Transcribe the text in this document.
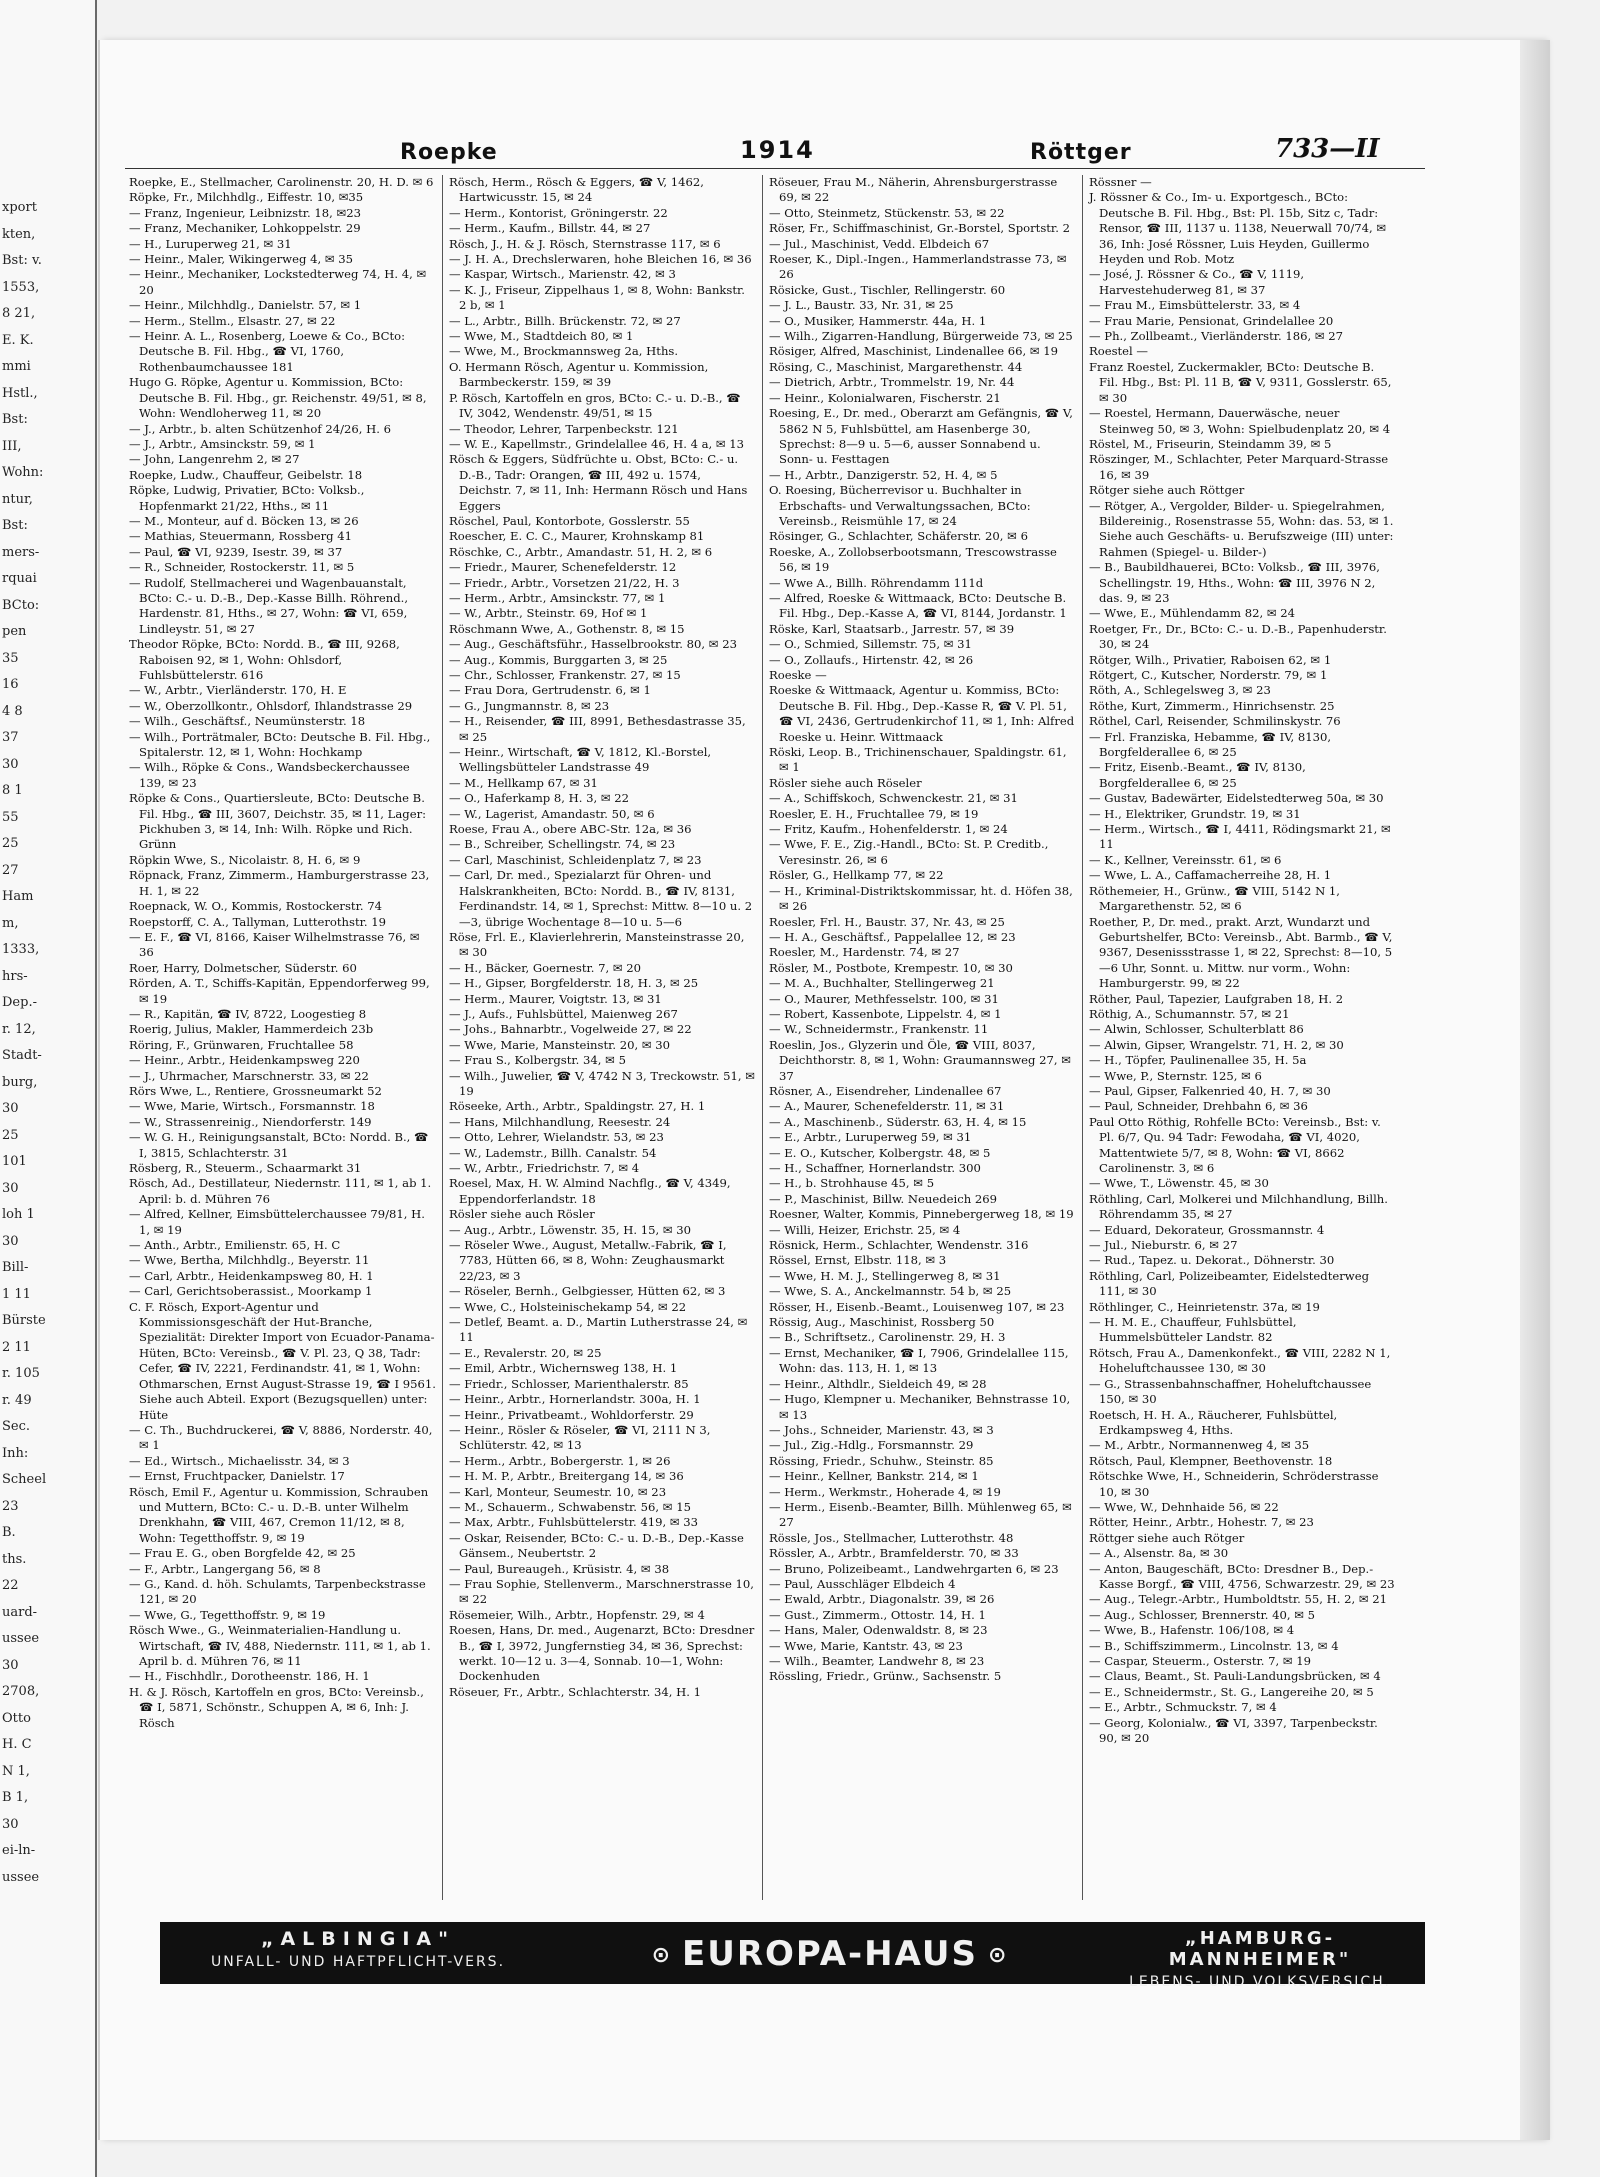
xport
kten,
Bst: v.
1553,
8 21,
E. K.
mmi
Hstl.,
Bst:
III,
Wohn:
ntur,
Bst:
mers-
rquai
BCto:
pen
35
16
4 8
37
30
8 1
55
25
27
Ham
m,
1333,
hrs-
Dep.-
r. 12,
Stadt-
burg,
30
25
101
30
loh 1
30
Bill-
1 11
Bürste
2 11
r. 105
r. 49
Sec.
Inh:
Scheel
23
B.
ths.
22
uard-
ussee
30
2708,
Otto
H. C
N 1,
B 1,
30
ei-ln-
ussee
Roepke	1914	Röttger	733—II

Roepke, E., Stellmacher, Carolinenstr. 20, H. D. ✉ 6

Röpke, Fr., Milchhdlg., Eiffestr. 10, ✉35

— Franz, Ingenieur, Leibnizstr. 18, ✉23

— Franz, Mechaniker, Lohkoppelstr. 29

— H., Luruperweg 21, ✉ 31

— Heinr., Maler, Wikingerweg 4, ✉ 35

— Heinr., Mechaniker, Lockstedterweg 74, H. 4, ✉ 20

— Heinr., Milchhdlg., Danielstr. 57, ✉ 1

— Herm., Stellm., Elsastr. 27, ✉ 22

— Heinr. A. L., Rosenberg, Loewe & Co., BCto: Deutsche B. Fil. Hbg., ☎ VI, 1760, Rothenbaumchaussee 181

Hugo G. Röpke, Agentur u. Kommission, BCto: Deutsche B. Fil. Hbg., gr. Reichenstr. 49/51, ✉ 8, Wohn: Wendloherweg 11, ✉ 20

— J., Arbtr., b. alten Schützenhof 24/26, H. 6

— J., Arbtr., Amsinckstr. 59, ✉ 1

— John, Langenrehm 2, ✉ 27

Roepke, Ludw., Chauffeur, Geibelstr. 18

Röpke, Ludwig, Privatier, BCto: Volksb., Hopfenmarkt 21/22, Hths., ✉ 11

— M., Monteur, auf d. Böcken 13, ✉ 26

— Mathias, Steuermann, Rossberg 41

— Paul, ☎ VI, 9239, Isestr. 39, ✉ 37

— R., Schneider, Rostockerstr. 11, ✉ 5

— Rudolf, Stellmacherei und Wagenbauanstalt, BCto: C.- u. D.-B., Dep.-Kasse Billh. Röhrend., Hardenstr. 81, Hths., ✉ 27, Wohn: ☎ VI, 659, Lindleystr. 51, ✉ 27

Theodor Röpke, BCto: Nordd. B., ☎ III, 9268, Raboisen 92, ✉ 1, Wohn: Ohlsdorf, Fuhlsbüttelerstr. 616

— W., Arbtr., Vierländerstr. 170, H. E

— W., Oberzollkontr., Ohlsdorf, Ihlandstrasse 29

— Wilh., Geschäftsf., Neumünsterstr. 18

— Wilh., Porträtmaler, BCto: Deutsche B. Fil. Hbg., Spitalerstr. 12, ✉ 1, Wohn: Hochkamp

— Wilh., Röpke & Cons., Wandsbeckerchaussee 139, ✉ 23

Röpke & Cons., Quartiersleute, BCto: Deutsche B. Fil. Hbg., ☎ III, 3607, Deichstr. 35, ✉ 11, Lager: Pickhuben 3, ✉ 14, Inh: Wilh. Röpke und Rich. Grünn

Röpkin Wwe, S., Nicolaistr. 8, H. 6, ✉ 9

Röpnack, Franz, Zimmerm., Hamburgerstrasse 23, H. 1, ✉ 22

Roepnack, W. O., Kommis, Rostockerstr. 74

Roepstorff, C. A., Tallyman, Lutterothstr. 19

— E. F., ☎ VI, 8166, Kaiser Wilhelmstrasse 76, ✉ 36

Roer, Harry, Dolmetscher, Süderstr. 60

Rörden, A. T., Schiffs-Kapitän, Eppendorferweg 99, ✉ 19

— R., Kapitän, ☎ IV, 8722, Loogestieg 8

Roerig, Julius, Makler, Hammerdeich 23b

Röring, F., Grünwaren, Fruchtallee 58

— Heinr., Arbtr., Heidenkampsweg 220

— J., Uhrmacher, Marschnerstr. 33, ✉ 22

Rörs Wwe, L., Rentiere, Grossneumarkt 52

— Wwe, Marie, Wirtsch., Forsmannstr. 18

— W., Strassenreinig., Niendorferstr. 149

— W. G. H., Reinigungsanstalt, BCto: Nordd. B., ☎ I, 3815, Schlachterstr. 31

Rösberg, R., Steuerm., Schaarmarkt 31

Rösch, Ad., Destillateur, Niedernstr. 111, ✉ 1, ab 1. April: b. d. Mühren 76

— Alfred, Kellner, Eimsbüttelerchaussee 79/81, H. 1, ✉ 19

— Anth., Arbtr., Emilienstr. 65, H. C

— Wwe, Bertha, Milchhdlg., Beyerstr. 11

— Carl, Arbtr., Heidenkampsweg 80, H. 1

— Carl, Gerichtsoberassist., Moorkamp 1

C. F. Rösch, Export-Agentur und Kommissionsgeschäft der Hut-Branche, Spezialität: Direkter Import von Ecuador-Panama-Hüten, BCto: Vereinsb., ☎ V. Pl. 23, Q 38, Tadr: Cefer, ☎ IV, 2221, Ferdinandstr. 41, ✉ 1, Wohn: Othmarschen, Ernst August-Strasse 19, ☎ I 9561. Siehe auch Abteil. Export (Bezugsquellen) unter: Hüte

— C. Th., Buchdruckerei, ☎ V, 8886, Norderstr. 40, ✉ 1

— Ed., Wirtsch., Michaelisstr. 34, ✉ 3

— Ernst, Fruchtpacker, Danielstr. 17

Rösch, Emil F., Agentur u. Kommission, Schrauben und Muttern, BCto: C.- u. D.-B. unter Wilhelm Drenkhahn, ☎ VIII, 467, Cremon 11/12, ✉ 8, Wohn: Tegetthoffstr. 9, ✉ 19

— Frau E. G., oben Borgfelde 42, ✉ 25

— F., Arbtr., Langergang 56, ✉ 8

— G., Kand. d. höh. Schulamts, Tarpenbeckstrasse 121, ✉ 20

— Wwe, G., Tegetthoffstr. 9, ✉ 19

Rösch Wwe., G., Weinmaterialien-Handlung u. Wirtschaft, ☎ IV, 488, Niedernstr. 111, ✉ 1, ab 1. April b. d. Mühren 76, ✉ 11

— H., Fischhdlr., Dorotheenstr. 186, H. 1

H. & J. Rösch, Kartoffeln en gros, BCto: Vereinsb., ☎ I, 5871, Schönstr., Schuppen A, ✉ 6, Inh: J. Rösch

Rösch, Herm., Rösch & Eggers, ☎ V, 1462, Hartwicusstr. 15, ✉ 24

— Herm., Kontorist, Gröningerstr. 22

— Herm., Kaufm., Billstr. 44, ✉ 27

Rösch, J., H. & J. Rösch, Sternstrasse 117, ✉ 6

— J. H. A., Drechslerwaren, hohe Bleichen 16, ✉ 36

— Kaspar, Wirtsch., Marienstr. 42, ✉ 3

— K. J., Friseur, Zippelhaus 1, ✉ 8, Wohn: Bankstr. 2 b, ✉ 1

— L., Arbtr., Billh. Brückenstr. 72, ✉ 27

— Wwe, M., Stadtdeich 80, ✉ 1

— Wwe, M., Brockmannsweg 2a, Hths.

O. Hermann Rösch, Agentur u. Kommission, Barmbeckerstr. 159, ✉ 39

P. Rösch, Kartoffeln en gros, BCto: C.- u. D.-B., ☎ IV, 3042, Wendenstr. 49/51, ✉ 15

— Theodor, Lehrer, Tarpenbeckstr. 121

— W. E., Kapellmstr., Grindelallee 46, H. 4 a, ✉ 13

Rösch & Eggers, Südfrüchte u. Obst, BCto: C.- u. D.-B., Tadr: Orangen, ☎ III, 492 u. 1574, Deichstr. 7, ✉ 11, Inh: Hermann Rösch und Hans Eggers

Röschel, Paul, Kontorbote, Gosslerstr. 55

Roescher, E. C. C., Maurer, Krohnskamp 81

Röschke, C., Arbtr., Amandastr. 51, H. 2, ✉ 6

— Friedr., Maurer, Schenefelderstr. 12

— Friedr., Arbtr., Vorsetzen 21/22, H. 3

— Herm., Arbtr., Amsinckstr. 77, ✉ 1

— W., Arbtr., Steinstr. 69, Hof ✉ 1

Röschmann Wwe, A., Gothenstr. 8, ✉ 15

— Aug., Geschäftsführ., Hasselbrookstr. 80, ✉ 23

— Aug., Kommis, Burggarten 3, ✉ 25

— Chr., Schlosser, Frankenstr. 27, ✉ 15

— Frau Dora, Gertrudenstr. 6, ✉ 1

— G., Jungmannstr. 8, ✉ 23

— H., Reisender, ☎ III, 8991, Bethesdastrasse 35, ✉ 25

— Heinr., Wirtschaft, ☎ V, 1812, Kl.-Borstel, Wellingsbütteler Landstrasse 49

— M., Hellkamp 67, ✉ 31

— O., Haferkamp 8, H. 3, ✉ 22

— W., Lagerist, Amandastr. 50, ✉ 6

Roese, Frau A., obere ABC-Str. 12a, ✉ 36

— B., Schreiber, Schellingstr. 74, ✉ 23

— Carl, Maschinist, Schleidenplatz 7, ✉ 23

— Carl, Dr. med., Spezialarzt für Ohren- und Halskrankheiten, BCto: Nordd. B., ☎ IV, 8131, Ferdinandstr. 14, ✉ 1, Sprechst: Mittw. 8—10 u. 2—3, übrige Wochentage 8—10 u. 5—6

Röse, Frl. E., Klavierlehrerin, Mansteinstrasse 20, ✉ 30

— H., Bäcker, Goernestr. 7, ✉ 20

— H., Gipser, Borgfelderstr. 18, H. 3, ✉ 25

— Herm., Maurer, Voigtstr. 13, ✉ 31

— J., Aufs., Fuhlsbüttel, Maienweg 267

— Johs., Bahnarbtr., Vogelweide 27, ✉ 22

— Wwe, Marie, Mansteinstr. 20, ✉ 30

— Frau S., Kolbergstr. 34, ✉ 5

— Wilh., Juwelier, ☎ V, 4742 N 3, Treckowstr. 51, ✉ 19

Röseeke, Arth., Arbtr., Spaldingstr. 27, H. 1

— Hans, Milchhandlung, Reesestr. 24

— Otto, Lehrer, Wielandstr. 53, ✉ 23

— W., Lademstr., Billh. Canalstr. 54

— W., Arbtr., Friedrichstr. 7, ✉ 4

Roesel, Max, H. W. Almind Nachflg., ☎ V, 4349, Eppendorferlandstr. 18

Rösler siehe auch Rösler

— Aug., Arbtr., Löwenstr. 35, H. 15, ✉ 30

— Röseler Wwe., August, Metallw.-Fabrik, ☎ I, 7783, Hütten 66, ✉ 8, Wohn: Zeughausmarkt 22/23, ✉ 3

— Röseler, Bernh., Gelbgiesser, Hütten 62, ✉ 3

— Wwe, C., Holsteinischekamp 54, ✉ 22

— Detlef, Beamt. a. D., Martin Lutherstrasse 24, ✉ 11

— E., Revalerstr. 20, ✉ 25

— Emil, Arbtr., Wichernsweg 138, H. 1

— Friedr., Schlosser, Marienthalerstr. 85

— Heinr., Arbtr., Hornerlandstr. 300a, H. 1

— Heinr., Privatbeamt., Wohldorferstr. 29

— Heinr., Rösler & Röseler, ☎ VI, 2111 N 3, Schlüterstr. 42, ✉ 13

— Herm., Arbtr., Bobergerstr. 1, ✉ 26

— H. M. P., Arbtr., Breitergang 14, ✉ 36

— Karl, Monteur, Seumestr. 10, ✉ 23

— M., Schauerm., Schwabenstr. 56, ✉ 15

— Max, Arbtr., Fuhlsbüttelerstr. 419, ✉ 33

— Oskar, Reisender, BCto: C.- u. D.-B., Dep.-Kasse Gänsem., Neubertstr. 2

— Paul, Bureaugeh., Krüsistr. 4, ✉ 38

— Frau Sophie, Stellenverm., Marschnerstrasse 10, ✉ 22

Rösemeier, Wilh., Arbtr., Hopfenstr. 29, ✉ 4

Roesen, Hans, Dr. med., Augenarzt, BCto: Dresdner B., ☎ I, 3972, Jungfernstieg 34, ✉ 36, Sprechst: werkt. 10—12 u. 3—4, Sonnab. 10—1, Wohn: Dockenhuden

Röseuer, Fr., Arbtr., Schlachterstr. 34, H. 1

Röseuer, Frau M., Näherin, Ahrensburgerstrasse 69, ✉ 22

— Otto, Steinmetz, Stückenstr. 53, ✉ 22

Röser, Fr., Schiffmaschinist, Gr.-Borstel, Sportstr. 2

— Jul., Maschinist, Vedd. Elbdeich 67

Roeser, K., Dipl.-Ingen., Hammerlandstrasse 73, ✉ 26

Rösicke, Gust., Tischler, Rellingerstr. 60

— J. L., Baustr. 33, Nr. 31, ✉ 25

— O., Musiker, Hammerstr. 44a, H. 1

— Wilh., Zigarren-Handlung, Bürgerweide 73, ✉ 25

Rösiger, Alfred, Maschinist, Lindenallee 66, ✉ 19

Rösing, C., Maschinist, Margarethenstr. 44

— Dietrich, Arbtr., Trommelstr. 19, Nr. 44

— Heinr., Kolonialwaren, Fischerstr. 21

Roesing, E., Dr. med., Oberarzt am Gefängnis, ☎ V, 5862 N 5, Fuhlsbüttel, am Hasenberge 30, Sprechst: 8—9 u. 5—6, ausser Sonnabend u. Sonn- u. Festtagen

— H., Arbtr., Danzigerstr. 52, H. 4, ✉ 5

O. Roesing, Bücherrevisor u. Buchhalter in Erbschafts- und Verwaltungssachen, BCto: Vereinsb., Reismühle 17, ✉ 24

Rösinger, G., Schlachter, Schäferstr. 20, ✉ 6

Roeske, A., Zollobserbootsmann, Trescowstrasse 56, ✉ 19

— Wwe A., Billh. Röhrendamm 111d

— Alfred, Roeske & Wittmaack, BCto: Deutsche B. Fil. Hbg., Dep.-Kasse A, ☎ VI, 8144, Jordanstr. 1

Röske, Karl, Staatsarb., Jarrestr. 57, ✉ 39

— O., Schmied, Sillemstr. 75, ✉ 31

— O., Zollaufs., Hirtenstr. 42, ✉ 26

Roeske —

Roeske & Wittmaack, Agentur u. Kommiss, BCto: Deutsche B. Fil. Hbg., Dep.-Kasse R, ☎ V. Pl. 51, ☎ VI, 2436, Gertrudenkirchof 11, ✉ 1, Inh: Alfred Roeske u. Heinr. Wittmaack

Röski, Leop. B., Trichinenschauer, Spaldingstr. 61, ✉ 1

Rösler siehe auch Röseler

— A., Schiffskoch, Schwenckestr. 21, ✉ 31

Roesler, E. H., Fruchtallee 79, ✉ 19

— Fritz, Kaufm., Hohenfelderstr. 1, ✉ 24

— Wwe, F. E., Zig.-Handl., BCto: St. P. Creditb., Veresinstr. 26, ✉ 6

Rösler, G., Hellkamp 77, ✉ 22

— H., Kriminal-Distriktskommissar, ht. d. Höfen 38, ✉ 26

Roesler, Frl. H., Baustr. 37, Nr. 43, ✉ 25

— H. A., Geschäftsf., Pappelallee 12, ✉ 23

Roesler, M., Hardenstr. 74, ✉ 27

Rösler, M., Postbote, Krempestr. 10, ✉ 30

— M. A., Buchhalter, Stellingerweg 21

— O., Maurer, Methfesselstr. 100, ✉ 31

— Robert, Kassenbote, Lippelstr. 4, ✉ 1

— W., Schneidermstr., Frankenstr. 11

Roeslin, Jos., Glyzerin und Öle, ☎ VIII, 8037, Deichthorstr. 8, ✉ 1, Wohn: Graumannsweg 27, ✉ 37

Rösner, A., Eisendreher, Lindenallee 67

— A., Maurer, Schenefelderstr. 11, ✉ 31

— A., Maschinenb., Süderstr. 63, H. 4, ✉ 15

— E., Arbtr., Luruperweg 59, ✉ 31

— E. O., Kutscher, Kolbergstr. 48, ✉ 5

— H., Schaffner, Hornerlandstr. 300

— H., b. Strohhause 45, ✉ 5

— P., Maschinist, Billw. Neuedeich 269

Roesner, Walter, Kommis, Pinnebergerweg 18, ✉ 19

— Willi, Heizer, Erichstr. 25, ✉ 4

Rösnick, Herm., Schlachter, Wendenstr. 316

Rössel, Ernst, Elbstr. 118, ✉ 3

— Wwe, H. M. J., Stellingerweg 8, ✉ 31

— Wwe, S. A., Anckelmannstr. 54 b, ✉ 25

Rösser, H., Eisenb.-Beamt., Louisenweg 107, ✉ 23

Rössig, Aug., Maschinist, Rossberg 50

— B., Schriftsetz., Carolinenstr. 29, H. 3

— Ernst, Mechaniker, ☎ I, 7906, Grindelallee 115, Wohn: das. 113, H. 1, ✉ 13

— Heinr., Althdlr., Sieldeich 49, ✉ 28

— Hugo, Klempner u. Mechaniker, Behnstrasse 10, ✉ 13

— Johs., Schneider, Marienstr. 43, ✉ 3

— Jul., Zig.-Hdlg., Forsmannstr. 29

Rössing, Friedr., Schuhw., Steinstr. 85

— Heinr., Kellner, Bankstr. 214, ✉ 1

— Herm., Werkmstr., Hoherade 4, ✉ 19

— Herm., Eisenb.-Beamter, Billh. Mühlenweg 65, ✉ 27

Rössle, Jos., Stellmacher, Lutterothstr. 48

Rössler, A., Arbtr., Bramfelderstr. 70, ✉ 33

— Bruno, Polizeibeamt., Landwehrgarten 6, ✉ 23

— Paul, Ausschläger Elbdeich 4

— Ewald, Arbtr., Diagonalstr. 39, ✉ 26

— Gust., Zimmerm., Ottostr. 14, H. 1

— Hans, Maler, Odenwaldstr. 8, ✉ 23

— Wwe, Marie, Kantstr. 43, ✉ 23

— Wilh., Beamter, Landwehr 8, ✉ 23

Rössling, Friedr., Grünw., Sachsenstr. 5

Rössner —

J. Rössner & Co., Im- u. Exportgesch., BCto: Deutsche B. Fil. Hbg., Bst: Pl. 15b, Sitz c, Tadr: Rensor, ☎ III, 1137 u. 1138, Neuerwall 70/74, ✉ 36, Inh: José Rössner, Luis Heyden, Guillermo Heyden und Rob. Motz

— José, J. Rössner & Co., ☎ V, 1119, Harvestehuderweg 81, ✉ 37

— Frau M., Eimsbüttelerstr. 33, ✉ 4

— Frau Marie, Pensionat, Grindelallee 20

— Ph., Zollbeamt., Vierländerstr. 186, ✉ 27

Roestel —

Franz Roestel, Zuckermakler, BCto: Deutsche B. Fil. Hbg., Bst: Pl. 11 B, ☎ V, 9311, Gosslerstr. 65, ✉ 30

— Roestel, Hermann, Dauerwäsche, neuer Steinweg 50, ✉ 3, Wohn: Spielbudenplatz 20, ✉ 4

Röstel, M., Friseurin, Steindamm 39, ✉ 5

Röszinger, M., Schlachter, Peter Marquard-Strasse 16, ✉ 39

Rötger siehe auch Röttger

— Rötger, A., Vergolder, Bilder- u. Spiegelrahmen, Bildereinig., Rosenstrasse 55, Wohn: das. 53, ✉ 1. Siehe auch Geschäfts- u. Berufszweige (III) unter: Rahmen (Spiegel- u. Bilder-)

— B., Baubildhauerei, BCto: Volksb., ☎ III, 3976, Schellingstr. 19, Hths., Wohn: ☎ III, 3976 N 2, das. 9, ✉ 23

— Wwe, E., Mühlendamm 82, ✉ 24

Roetger, Fr., Dr., BCto: C.- u. D.-B., Papenhuderstr. 30, ✉ 24

Rötger, Wilh., Privatier, Raboisen 62, ✉ 1

Rötgert, C., Kutscher, Norderstr. 79, ✉ 1

Röth, A., Schlegelsweg 3, ✉ 23

Röthe, Kurt, Zimmerm., Hinrichsenstr. 25

Röthel, Carl, Reisender, Schmilinskystr. 76

— Frl. Franziska, Hebamme, ☎ IV, 8130, Borgfelderallee 6, ✉ 25

— Fritz, Eisenb.-Beamt., ☎ IV, 8130, Borgfelderallee 6, ✉ 25

— Gustav, Badewärter, Eidelstedterweg 50a, ✉ 30

— H., Elektriker, Grundstr. 19, ✉ 31

— Herm., Wirtsch., ☎ I, 4411, Rödingsmarkt 21, ✉ 11

— K., Kellner, Vereinsstr. 61, ✉ 6

— Wwe, L. A., Caffamacherreihe 28, H. 1

Röthemeier, H., Grünw., ☎ VIII, 5142 N 1, Margarethenstr. 52, ✉ 6

Roether, P., Dr. med., prakt. Arzt, Wundarzt und Geburtshelfer, BCto: Vereinsb., Abt. Barmb., ☎ V, 9367, Desenissstrasse 1, ✉ 22, Sprechst: 8—10, 5—6 Uhr, Sonnt. u. Mittw. nur vorm., Wohn: Hamburgerstr. 99, ✉ 22

Röther, Paul, Tapezier, Laufgraben 18, H. 2

Röthig, A., Schumannstr. 57, ✉ 21

— Alwin, Schlosser, Schulterblatt 86

— Alwin, Gipser, Wrangelstr. 71, H. 2, ✉ 30

— H., Töpfer, Paulinenallee 35, H. 5a

— Wwe, P., Sternstr. 125, ✉ 6

— Paul, Gipser, Falkenried 40, H. 7, ✉ 30

— Paul, Schneider, Drehbahn 6, ✉ 36

Paul Otto Röthig, Rohfelle BCto: Vereinsb., Bst: v. Pl. 6/7, Qu. 94 Tadr: Fewodaha, ☎ VI, 4020, Mattentwiete 5/7, ✉ 8, Wohn: ☎ VI, 8662 Carolinenstr. 3, ✉ 6

— Wwe, T., Löwenstr. 45, ✉ 30

Röthling, Carl, Molkerei und Milchhandlung, Billh. Röhrendamm 35, ✉ 27

— Eduard, Dekorateur, Grossmannstr. 4

— Jul., Nieburstr. 6, ✉ 27

— Rud., Tapez. u. Dekorat., Döhnerstr. 30

Röthling, Carl, Polizeibeamter, Eidelstedterweg 111, ✉ 30

Röthlinger, C., Heinrietenstr. 37a, ✉ 19

— H. M. E., Chauffeur, Fuhlsbüttel, Hummelsbütteler Landstr. 82

Rötsch, Frau A., Damenkonfekt., ☎ VIII, 2282 N 1, Hoheluftchaussee 130, ✉ 30

— G., Strassenbahnschaffner, Hoheluftchaussee 150, ✉ 30

Roetsch, H. H. A., Räucherer, Fuhlsbüttel, Erdkampsweg 4, Hths.

— M., Arbtr., Normannenweg 4, ✉ 35

Rötsch, Paul, Klempner, Beethovenstr. 18

Rötschke Wwe, H., Schneiderin, Schröderstrasse 10, ✉ 30

— Wwe, W., Dehnhaide 56, ✉ 22

Rötter, Heinr., Arbtr., Hohestr. 7, ✉ 23

Röttger siehe auch Rötger

— A., Alsenstr. 8a, ✉ 30

— Anton, Baugeschäft, BCto: Dresdner B., Dep.-Kasse Borgf., ☎ VIII, 4756, Schwarzestr. 29, ✉ 23

— Aug., Telegr.-Arbtr., Humboldtstr. 55, H. 2, ✉ 21

— Aug., Schlosser, Brennerstr. 40, ✉ 5

— Wwe, B., Hafenstr. 106/108, ✉ 4

— B., Schiffszimmerm., Lincolnstr. 13, ✉ 4

— Caspar, Steuerm., Osterstr. 7, ✉ 19

— Claus, Beamt., St. Pauli-Landungsbrücken, ✉ 4

— E., Schneidermstr., St. G., Langereihe 20, ✉ 5

— E., Arbtr., Schmuckstr. 7, ✉ 4

— Georg, Kolonialw., ☎ VI, 3397, Tarpenbeckstr. 90, ✉ 20

„ALBINGIA"
UNFALL- UND HAFTPFLICHT-VERS.	⊙ EUROPA-HAUS ⊙
„HAMBURG-MANNHEIMER"
LEBENS- UND VOLKSVERSICH.
